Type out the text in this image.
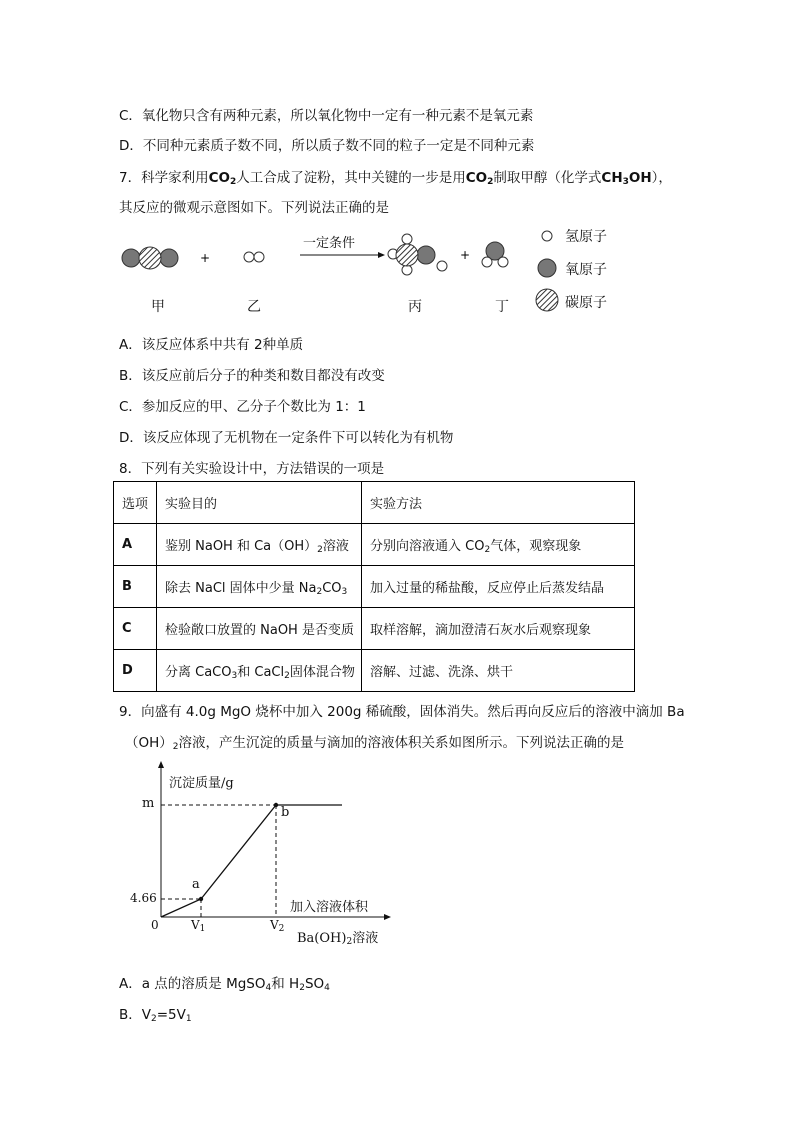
C．氧化物只含有两种元素，所以氧化物中一定有一种元素不是氧元素
D．不同种元素质子数不同，所以质子数不同的粒子一定是不同种元素
7．科学家利用$CO_2$人工合成了淀粉，其中关键的一步是用$CO_2$制取甲醇（化学式$CH_3OH$），
其反应的微观示意图如下。下列说法正确的是
+	+
一定条件
甲	乙	丙	丁
氢原子
氧原子
碳原子
A．该反应体系中共有 2种单质
B．该反应前后分子的种类和数目都没有改变
C．参加反应的甲、乙分子个数比为 1：1
D．该反应体现了无机物在一定条件下可以转化为有机物
8．下列有关实验设计中，方法错误的一项是
选项	实验目的	实验方法
A	鉴别 NaOH 和 $Ca(OH)_2$溶液	分别向溶液通入 $CO_2$气体，观察现象
B	除去 NaCl 固体中少量 $Na_2CO_3$	加入过量的稀盐酸，反应停止后蒸发结晶
C	检验敞口放置的 NaOH 是否变质	取样溶解，滴加澄清石灰水后观察现象
D	分离 CaCO$_3$和 CaCl$_2$固体混合物	溶解、过滤、洗涤、烘干
9．向盛有 4.0g MgO 烧杯中加入 200g 稀硫酸，固体消失。然后再向反应后的溶液中滴加 Ba
$(OH)_2$溶液，产生沉淀的质量与滴加的溶液体积关系如图所示。下列说法正确的是
沉淀质量/g
m
4.66
0	$V_1$	$V_2$
a
b
加入溶液体积
$Ba(OH)_2$溶液
A．a 点的溶质是 MgSO$_4$和 $H_2SO_4$
B．$V_2=5V_1$
